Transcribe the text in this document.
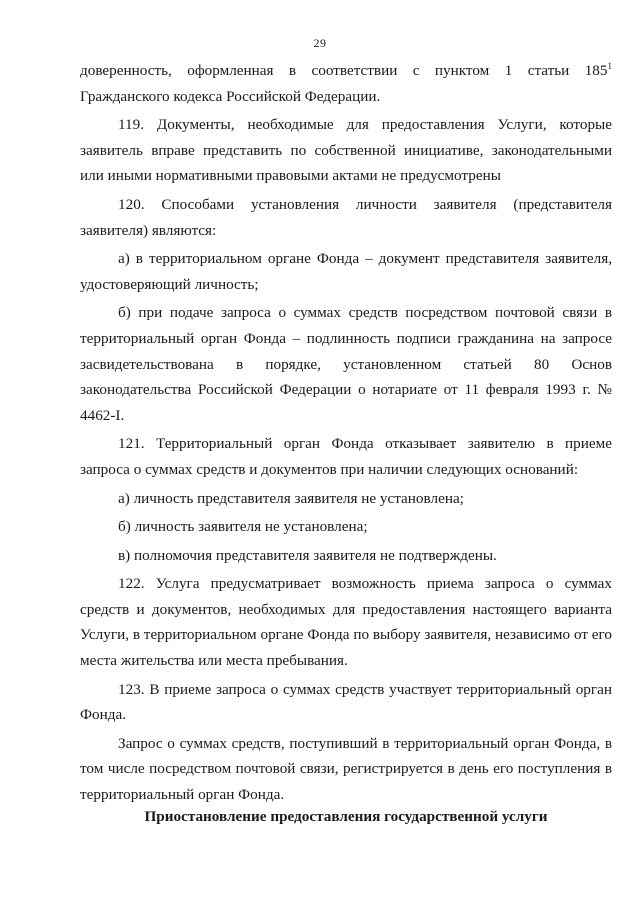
29

доверенность, оформленная в соответствии с пунктом 1 статьи $185^1$ Гражданского кодекса Российской Федерации.

119. Документы, необходимые для предоставления Услуги, которые заявитель вправе представить по собственной инициативе, законодательными или иными нормативными правовыми актами не предусмотрены

120. Способами установления личности заявителя (представителя заявителя) являются:

а) в территориальном органе Фонда – документ представителя заявителя, удостоверяющий личность;

б) при подаче запроса о суммах средств посредством почтовой связи в территориальный орган Фонда – подлинность подписи гражданина на запросе засвидетельствована в порядке, установленном статьей 80 Основ законодательства Российской Федерации о нотариате от 11 февраля 1993 г. № 4462-I.

121. Территориальный орган Фонда отказывает заявителю в приеме запроса о суммах средств и документов при наличии следующих оснований:

а) личность представителя заявителя не установлена;

б) личность заявителя не установлена;

в) полномочия представителя заявителя не подтверждены.

122. Услуга предусматривает возможность приема запроса о суммах средств и документов, необходимых для предоставления настоящего варианта Услуги, в территориальном органе Фонда по выбору заявителя, независимо от его места жительства или места пребывания.

123. В приеме запроса о суммах средств участвует территориальный орган Фонда.

Запрос о суммах средств, поступивший в территориальный орган Фонда, в том числе посредством почтовой связи, регистрируется в день его поступления в территориальный орган Фонда.

Приостановление предоставления государственной услуги
